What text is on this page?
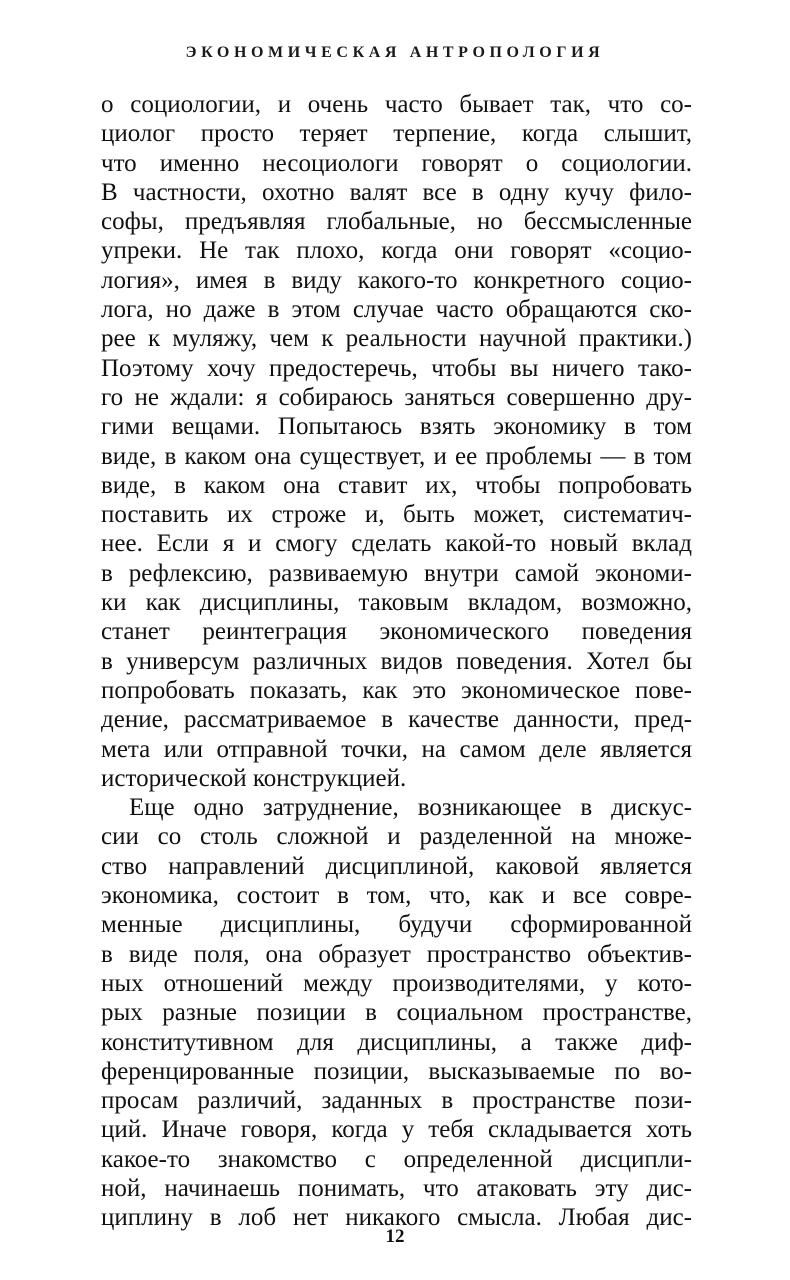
ЭКОНОМИЧЕСКАЯ АНТРОПОЛОГИЯ
о социологии, и очень часто бывает так, что со-
циолог просто теряет терпение, когда слышит,
что именно несоциологи говорят о социологии.
В частности, охотно валят все в одну кучу фило-
софы, предъявляя глобальные, но бессмысленные
упреки. Не так плохо, когда они говорят «социо-
логия», имея в виду какого-то конкретного социо-
лога, но даже в этом случае часто обращаются ско-
рее к муляжу, чем к реальности научной практики.)
Поэтому хочу предостеречь, чтобы вы ничего тако-
го не ждали: я собираюсь заняться совершенно дру-
гими вещами. Попытаюсь взять экономику в том
виде, в каком она существует, и ее проблемы — в том
виде, в каком она ставит их, чтобы попробовать
поставить их строже и, быть может, систематич-
нее. Если я и смогу сделать какой-то новый вклад
в рефлексию, развиваемую внутри самой экономи-
ки как дисциплины, таковым вкладом, возможно,
станет реинтеграция экономического поведения
в универсум различных видов поведения. Хотел бы
попробовать показать, как это экономическое пове-
дение, рассматриваемое в качестве данности, пред-
мета или отправной точки, на самом деле является
исторической конструкцией.
Еще одно затруднение, возникающее в дискус-
сии со столь сложной и разделенной на множе-
ство направлений дисциплиной, каковой является
экономика, состоит в том, что, как и все совре-
менные дисциплины, будучи сформированной
в виде поля, она образует пространство объектив-
ных отношений между производителями, у кото-
рых разные позиции в социальном пространстве,
конститутивном для дисциплины, а также диф-
ференцированные позиции, высказываемые по во-
просам различий, заданных в пространстве пози-
ций. Иначе говоря, когда у тебя складывается хоть
какое-то знакомство с определенной дисципли-
ной, начинаешь понимать, что атаковать эту дис-
циплину в лоб нет никакого смысла. Любая дис-
12
